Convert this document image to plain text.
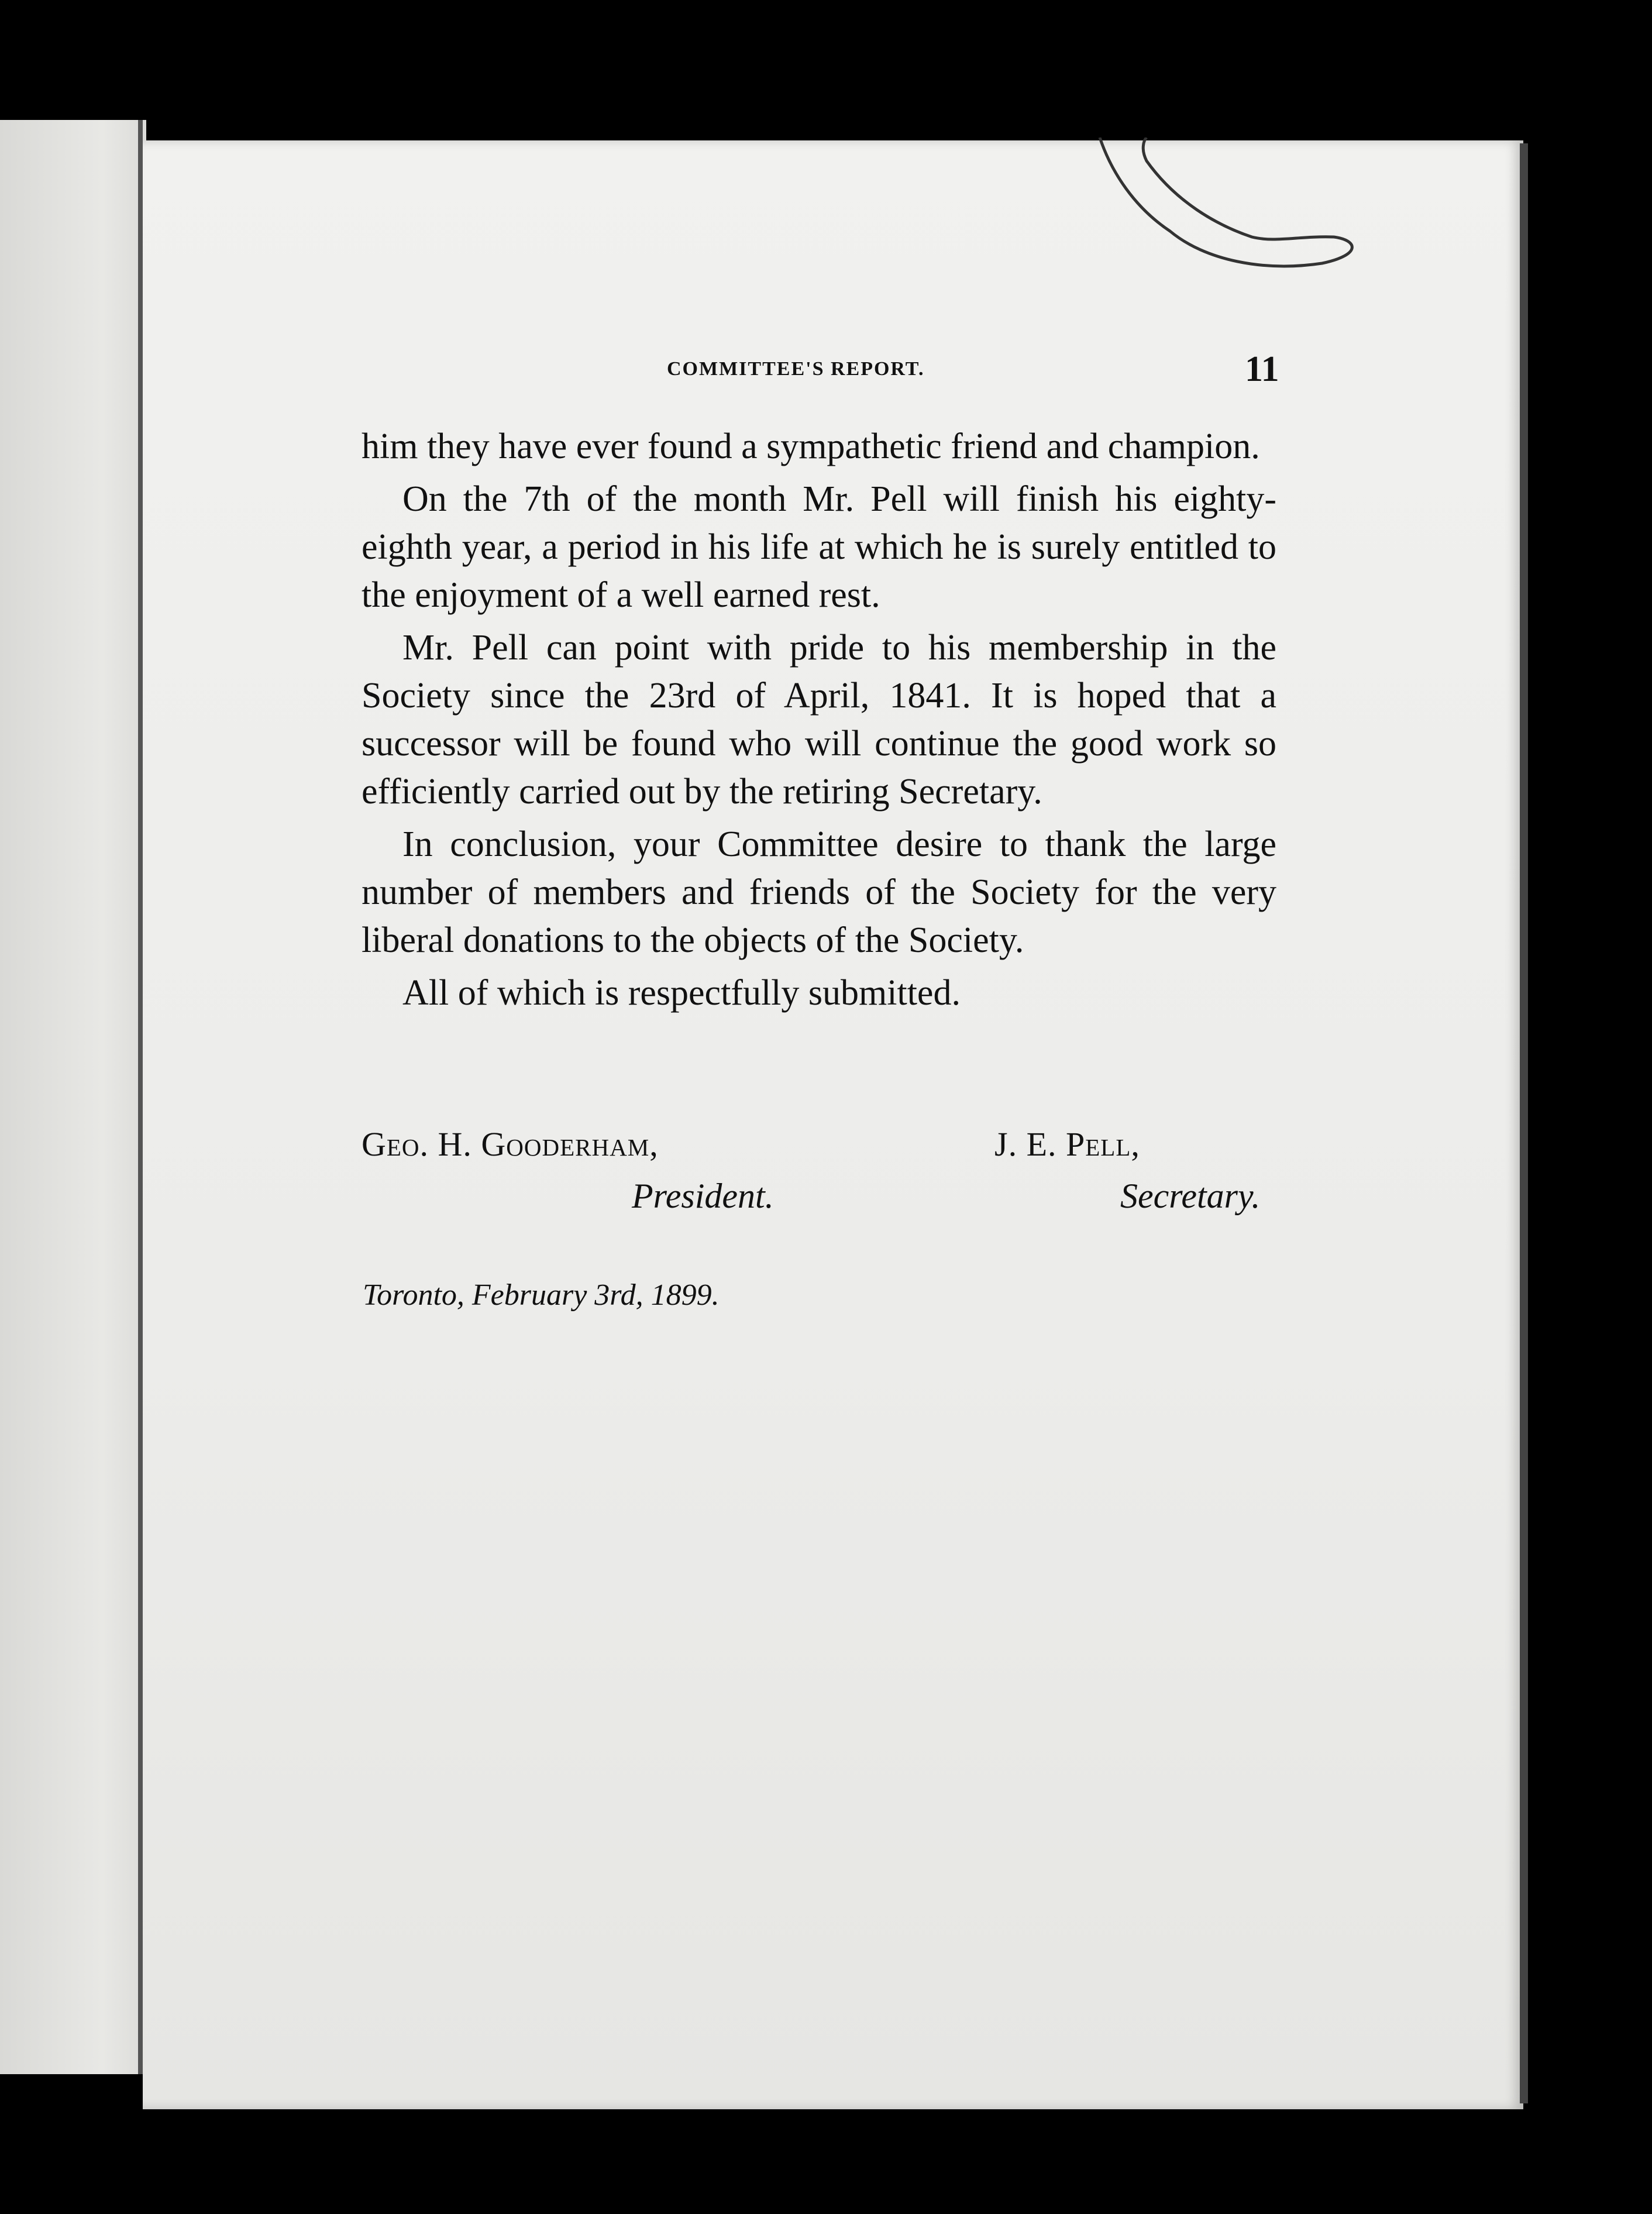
COMMITTEE'S REPORT.	11

him they have ever found a sympathetic friend and champion.

On the 7th of the month Mr. Pell will finish his eighty-eighth year, a period in his life at which he is surely entitled to the enjoyment of a well earned rest.

Mr. Pell can point with pride to his membership in the Society since the 23rd of April, 1841. It is hoped that a successor will be found who will continue the good work so efficiently carried out by the retiring Secretary.

In conclusion, your Committee desire to thank the large number of members and friends of the Society for the very liberal donations to the objects of the Society.

All of which is respectfully submitted.

Geo. H. Gooderham,
President.
J. E. Pell,
Secretary.
Toronto, February 3rd, 1899.
